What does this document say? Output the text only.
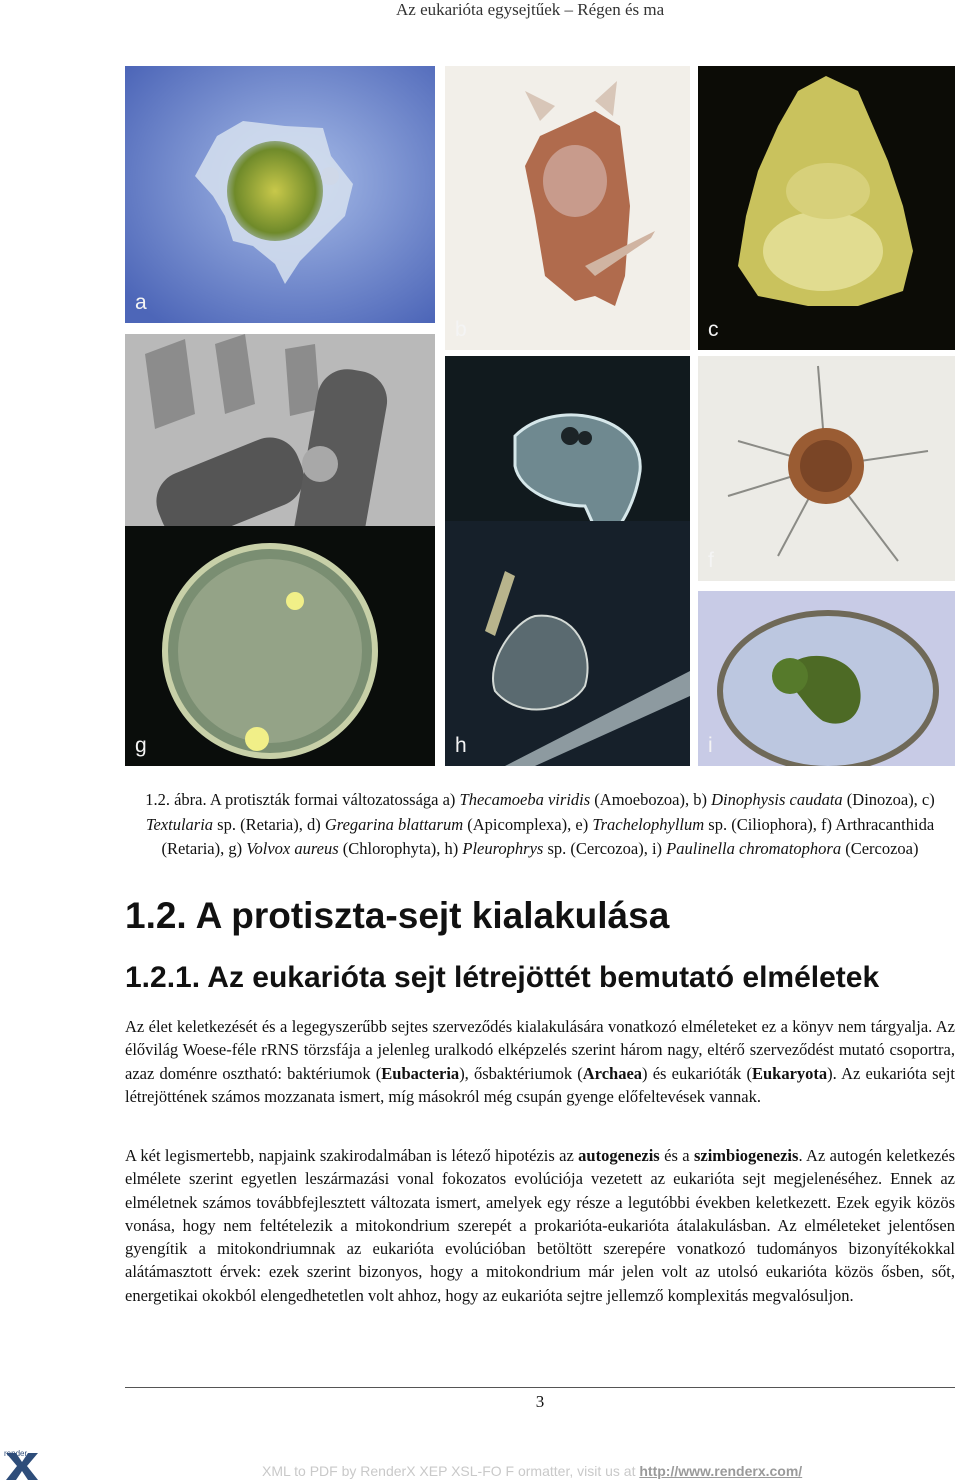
Az eukarióta egysejtűek – Régen és ma
a
b	c
f
g	h	i
1.2. ábra. A protiszták formai változatossága a) Thecamoeba viridis (Amoebozoa), b) Dinophysis caudata (Dinozoa), c) Textularia sp. (Retaria), d) Gregarina blattarum (Apicomplexa), e) Trachelophyllum sp. (Ciliophora), f) Arthracanthida (Retaria), g) Volvox aureus (Chlorophyta), h) Pleurophrys sp. (Cercozoa), i) Paulinella chromatophora (Cercozoa)
1.2. A protiszta-sejt kialakulása
1.2.1. Az eukarióta sejt létrejöttét bemutató elméletek
Az élet keletkezését és a legegyszerűbb sejtes szerveződés kialakulására vonatkozó elméleteket ez a könyv nem tárgyalja. Az élővilág Woese-féle rRNS törzsfája a jelenleg uralkodó elképzelés szerint három nagy, eltérő szerveződést mutató csoportra, azaz doménre osztható: baktériumok (Eubacteria), ősbaktériumok (Archaea) és eukarióták (Eukaryota). Az eukarióta sejt létrejöttének számos mozzanata ismert, míg másokról még csupán gyenge előfeltevések vannak.
A két legismertebb, napjaink szakirodalmában is létező hipotézis az autogenezis és a szimbiogenezis. Az autogén keletkezés elmélete szerint egyetlen leszármazási vonal fokozatos evolúciója vezetett az eukarióta sejt megjelenéséhez. Ennek az elméletnek számos továbbfejlesztett változata ismert, amelyek egy része a legutóbbi években keletkezett. Ezek egyik közös vonása, hogy nem feltételezik a mitokondrium szerepét a prokarióta-eukarióta átalakulásban. Az elméleteket jelentősen gyengítik a mitokondriumnak az eukarióta evolúcióban betöltött szerepére vonatkozó tudományos bizonyítékokkal alátámasztott érvek: ezek szerint bizonyos, hogy a mitokondrium már jelen volt az utolsó eukarióta közös ősben, sőt, energetikai okokból elengedhetetlen volt ahhoz, hogy az eukarióta sejtre jellemző komplexitás megvalósuljon.
3
render
XML to PDF by RenderX XEP XSL-FO F ormatter, visit us at http://www.renderx.com/
